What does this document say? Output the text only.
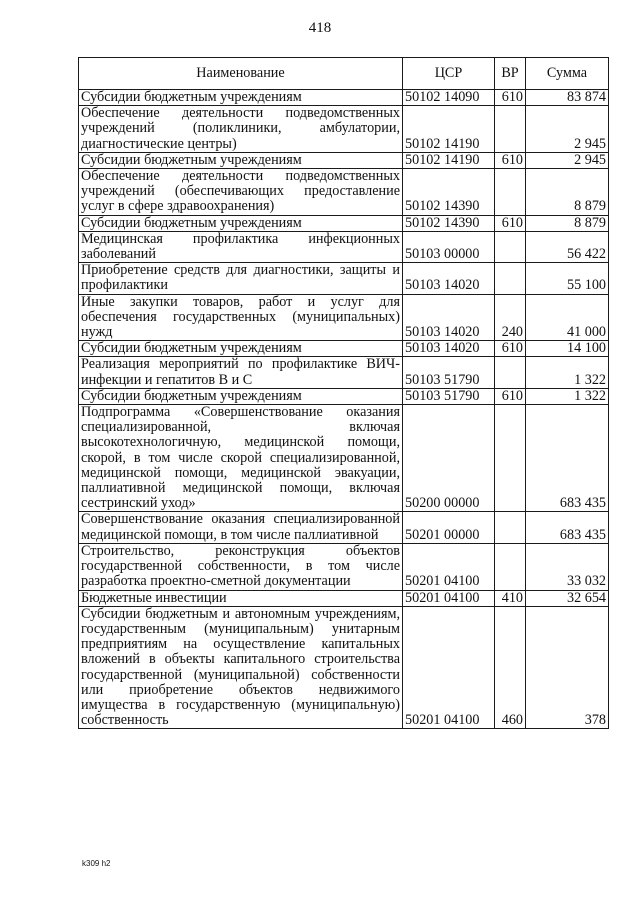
418
Наименование	ЦСР	ВР	Сумма
Субсидии бюджетным учреждениям	50102 14090	610	83 874
Обеспечение деятельности подведомственных учреждений (поликлиники, амбулатории, диагностические центры)	50102 14190		2 945
Субсидии бюджетным учреждениям	50102 14190	610	2 945
Обеспечение деятельности подведомственных учреждений (обеспечивающих предоставление услуг в сфере здравоохранения)	50102 14390		8 879
Субсидии бюджетным учреждениям	50102 14390	610	8 879
Медицинская профилактика инфекционных заболеваний	50103 00000		56 422
Приобретение средств для диагностики, защиты и профилактики	50103 14020		55 100
Иные закупки товаров, работ и услуг для обеспечения государственных (муниципальных) нужд	50103 14020	240	41 000
Субсидии бюджетным учреждениям	50103 14020	610	14 100
Реализация мероприятий по профилактике ВИЧ-инфекции и гепатитов В и С	50103 51790		1 322
Субсидии бюджетным учреждениям	50103 51790	610	1 322
Подпрограмма «Совершенствование оказания специализированной, включая высокотехнологичную, медицинской помощи, скорой, в том числе скорой специализированной, медицинской помощи, медицинской эвакуации, паллиативной медицинской помощи, включая сестринский уход»	50200 00000		683 435
Совершенствование оказания специализированной медицинской помощи, в том числе паллиативной	50201 00000		683 435
Строительство, реконструкция объектов государственной собственности, в том числе разработка проектно-сметной документации	50201 04100		33 032
Бюджетные инвестиции	50201 04100	410	32 654
Субсидии бюджетным и автономным учреждениям, государственным (муниципальным) унитарным предприятиям на осуществление капитальных вложений в объекты капитального строительства государственной (муниципальной) собственности или приобретение объектов недвижимого имущества в государственную (муниципальную) собственность	50201 04100	460	378
k309 h2
